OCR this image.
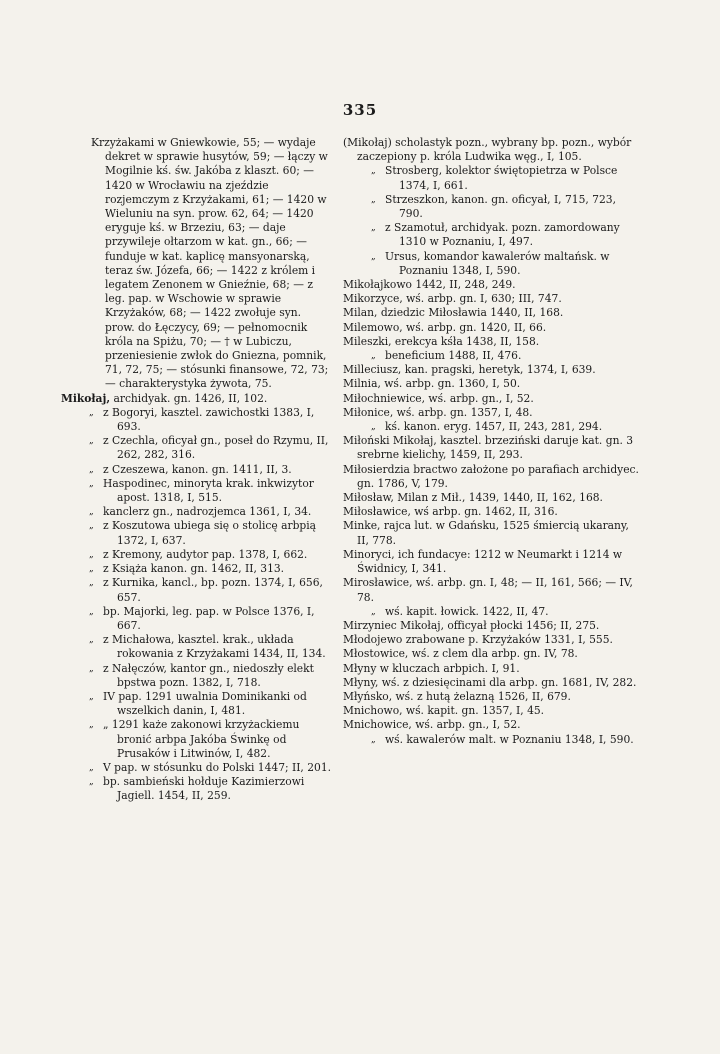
335

Krzyżakami w Gniewkowie, 55; — wydaje dekret w sprawie husytów, 59; — łączy w Mogilnie kś. św. Jakóba z klaszt. 60; — 1420 w Wrocławiu na zjeździe rozjemczym z Krzyżakami, 61; — 1420 w Wieluniu na syn. prow. 62, 64; — 1420 eryguje kś. w Brzeziu, 63; — daje przywileje ołtarzom w kat. gn., 66; — funduje w kat. kaplicę mansyonarską, teraz św. Józefa, 66; — 1422 z królem i legatem Zenonem w Gnieźnie, 68; — z leg. pap. w Wschowie w sprawie Krzyżaków, 68; — 1422 zwołuje syn. prow. do Łęczycy, 69; — pełnomocnik króla na Spiżu, 70; — † w Lubiczu, przeniesienie zwłok do Gniezna, pomnik, 71, 72, 75; — stósunki finansowe, 72, 73; — charakterystyka żywota, 75.

Mikołaj, archidyak. gn. 1426, II, 102.

„ z Bogoryi, kasztel. zawichostki 1383, I, 693.

„ z Czechla, oficyał gn., poseł do Rzymu, II, 262, 282, 316.

„ z Czeszewa, kanon. gn. 1411, II, 3.

„ Haspodinec, minoryta krak. inkwizytor apost. 1318, I, 515.

„ kanclerz gn., nadrozjemca 1361, I, 34.

„ z Koszutowa ubiega się o stolicę arbpią 1372, I, 637.

„ z Kremony, audytor pap. 1378, I, 662.

„ z Książa kanon. gn. 1462, II, 313.

„ z Kurnika, kancl., bp. pozn. 1374, I, 656, 657.

„ bp. Majorki, leg. pap. w Polsce 1376, I, 667.

„ z Michałowa, kasztel. krak., układa rokowania z Krzyżakami 1434, II, 134.

„ z Nałęczów, kantor gn., niedoszły elekt bpstwa pozn. 1382, I, 718.

„ IV pap. 1291 uwalnia Dominikanki od wszelkich danin, I, 481.

„ „ 1291 każe zakonowi krzyżackiemu bronić arbpa Jakóba Świnkę od Prusaków i Litwinów, I, 482.

„ V pap. w stósunku do Polski 1447; II, 201.

„ bp. sambieński hołduje Kazimierzowi Jagiell. 1454, II, 259.

(Mikołaj) scholastyk pozn., wybrany bp. pozn., wybór zaczepiony p. króla Ludwika węg., I, 105.

„ Strosberg, kolektor świętopietrza w Polsce 1374, I, 661.

„ Strzeszkon, kanon. gn. oficyał, I, 715, 723, 790.

„ z Szamotuł, archidyak. pozn. zamordowany 1310 w Poznaniu, I, 497.

„ Ursus, komandor kawalerów maltańsk. w Poznaniu 1348, I, 590.

Mikołajkowo 1442, II, 248, 249.

Mikorzyce, wś. arbp. gn. I, 630; III, 747.

Milan, dziedzic Miłosławia 1440, II, 168.

Milemowo, wś. arbp. gn. 1420, II, 66.

Mileszki, erekcya kśła 1438, II, 158.

„ beneficium 1488, II, 476.

Milleciusz, kan. pragski, heretyk, 1374, I, 639.

Milnia, wś. arbp. gn. 1360, I, 50.

Miłochniewice, wś. arbp. gn., I, 52.

Miłonice, wś. arbp. gn. 1357, I, 48.

„ kś. kanon. eryg. 1457, II, 243, 281, 294.

Miłoński Mikołaj, kasztel. brzeziński daruje kat. gn. 3 srebrne kielichy, 1459, II, 293.

Miłosierdzia bractwo założone po parafiach archidyec. gn. 1786, V, 179.

Miłosław, Milan z Mił., 1439, 1440, II, 162, 168.

Miłosławice, wś arbp. gn. 1462, II, 316.

Minke, rajca lut. w Gdańsku, 1525 śmiercią ukarany, II, 778.

Minoryci, ich fundacye: 1212 w Neumarkt i 1214 w Świdnicy, I, 341.

Mirosławice, wś. arbp. gn. I, 48; — II, 161, 566; — IV, 78.

„ wś. kapit. łowick. 1422, II, 47.

Mirzyniec Mikołaj, officyał płocki 1456; II, 275.

Młodojewo zrabowane p. Krzyżaków 1331, I, 555.

Młostowice, wś. z clem dla arbp. gn. IV, 78.

Młyny w kluczach arbpich. I, 91.

Młyny, wś. z dziesięcinami dla arbp. gn. 1681, IV, 282.

Młyńsko, wś. z hutą żelazną 1526, II, 679.

Mnichowo, wś. kapit. gn. 1357, I, 45.

Mnichowice, wś. arbp. gn., I, 52.

„ wś. kawalerów malt. w Poznaniu 1348, I, 590.
